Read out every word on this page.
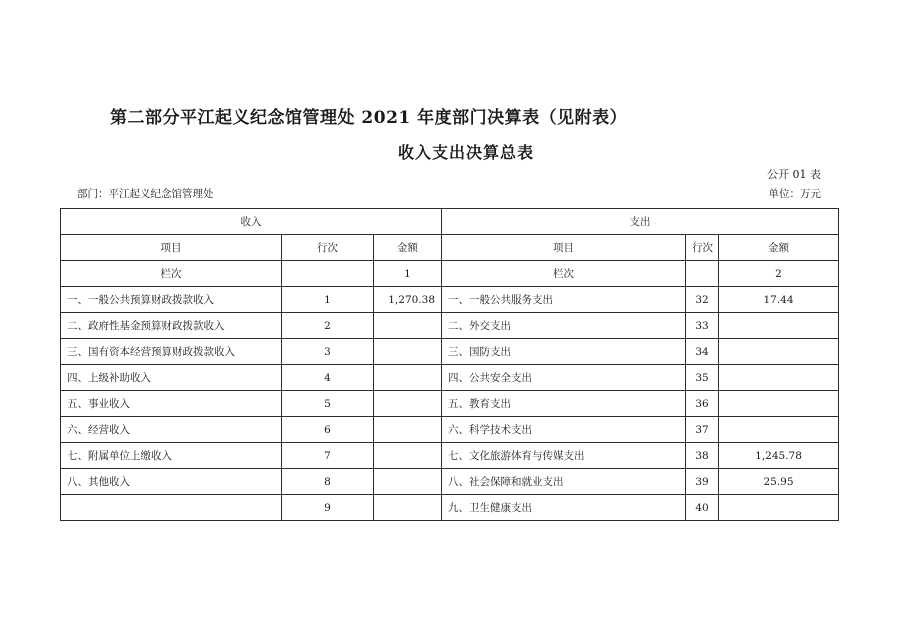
第二部分平江起义纪念馆管理处 2021 年度部门决算表（见附表）
收入支出决算总表
公开 01 表
部门：平江起义纪念馆管理处	单位：万元
收入			支出		
项目	行次	金额	项目	行次	金额
栏次		1	栏次		2
一、一般公共预算财政拨款收入	1	1,270.38	一、一般公共服务支出	32	17.44
二、政府性基金预算财政拨款收入	2		二、外交支出	33	
三、国有资本经营预算财政拨款收入	3		三、国防支出	34	
四、上级补助收入	4		四、公共安全支出	35	
五、事业收入	5		五、教育支出	36	
六、经营收入	6		六、科学技术支出	37	
七、附属单位上缴收入	7		七、文化旅游体育与传媒支出	38	1,245.78
八、其他收入	8		八、社会保障和就业支出	39	25.95
	9		九、卫生健康支出	40	
